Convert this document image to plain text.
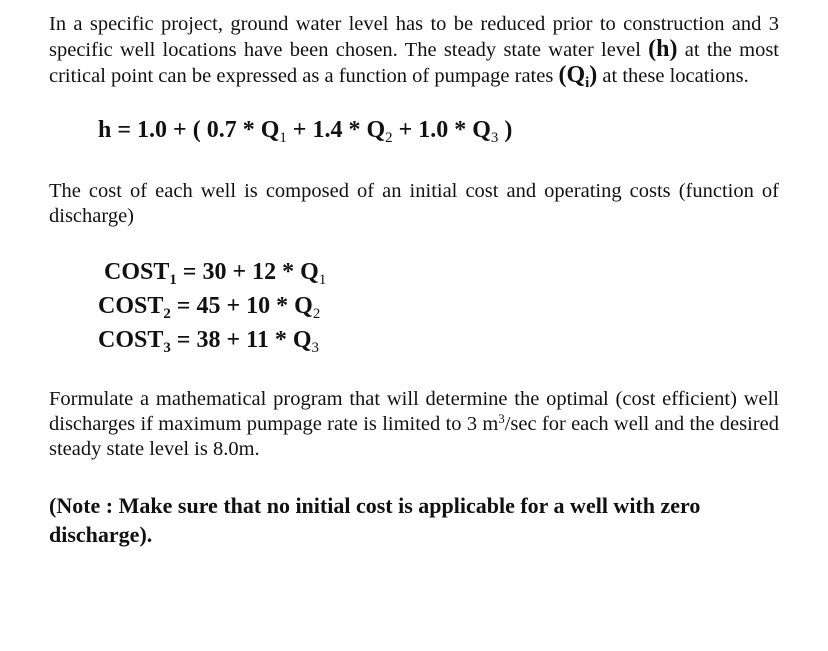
In a specific project, ground water level has to be reduced prior to construction and 3 specific well locations have been chosen. The steady state water level (h) at the most critical point can be expressed as a function of pumpage rates $(Q_i)$ at these locations.

h = 1.0 + ( $0.7 * Q_1 + 1.4 * Q_2 + 1.0 * Q_3$ )

The cost of each well is composed of an initial cost and operating costs (function of discharge)

$COST_1 = 30 + 12 * Q_1$
$COST_2 = 45 + 10 * Q_2$
$COST_3 = 38 + 11 * Q_3$

Formulate a mathematical program that will determine the optimal (cost efficient) well discharges if maximum pumpage rate is limited to 3 $m^3/\sec$ for each well and the desired steady state level is 8.0m.

(Note : Make sure that no initial cost is applicable for a well with zero discharge).
